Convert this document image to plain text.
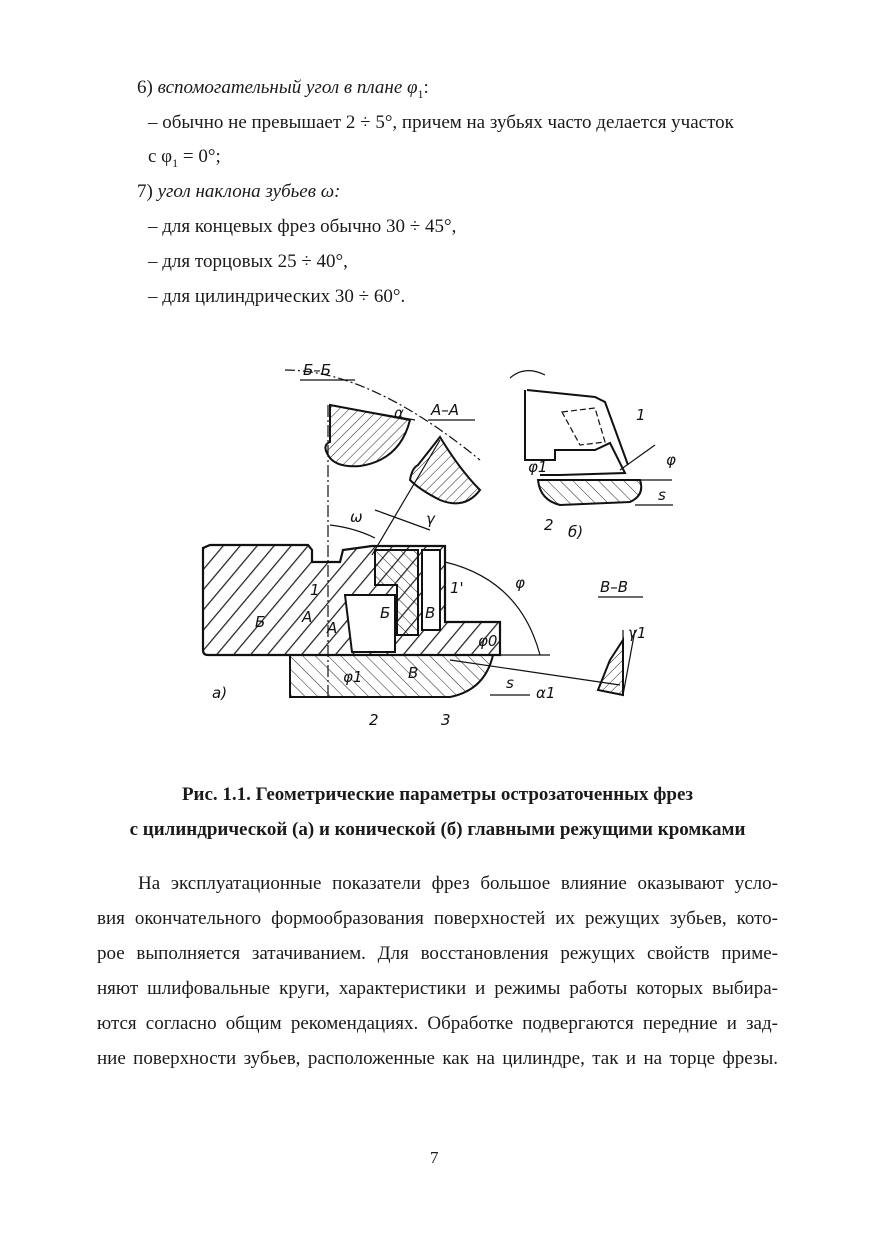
6) вспомогательный угол в плане $\varphi_1$:
– обычно не превышает 2 ÷ 5°, причем на зубьях часто делается участок
с $\varphi_1 = 0^\circ$;
7) угол наклона зубьев ω:
– для концевых фрез обычно 30 ÷ 45°,
– для торцовых 25 ÷ 40°,
– для цилиндрических 30 ÷ 60°.
Б–Б
А–А
В–В
α
ω	γ
φ
1'
γ1
φ0
В
Б
1
А
Б	А
φ1	В
а)
s
α1
2	3
1
φ
φ1
s
2 б)
Рис. 1.1. Геометрические параметры острозаточенных фрез
с цилиндрической (а) и конической (б) главными режущими кромками

На эксплуатационные показатели фрез большое влияние оказывают усло-

вия окончательного формообразования поверхностей их режущих зубьев, кото-

рое выполняется затачиванием. Для восстановления режущих свойств приме-

няют шлифовальные круги, характеристики и режимы работы которых выбира-

ются согласно общим рекомендациях. Обработке подвергаются передние и зад-

ние поверхности зубьев, расположенные как на цилиндре, так и на торце фрезы.

7
